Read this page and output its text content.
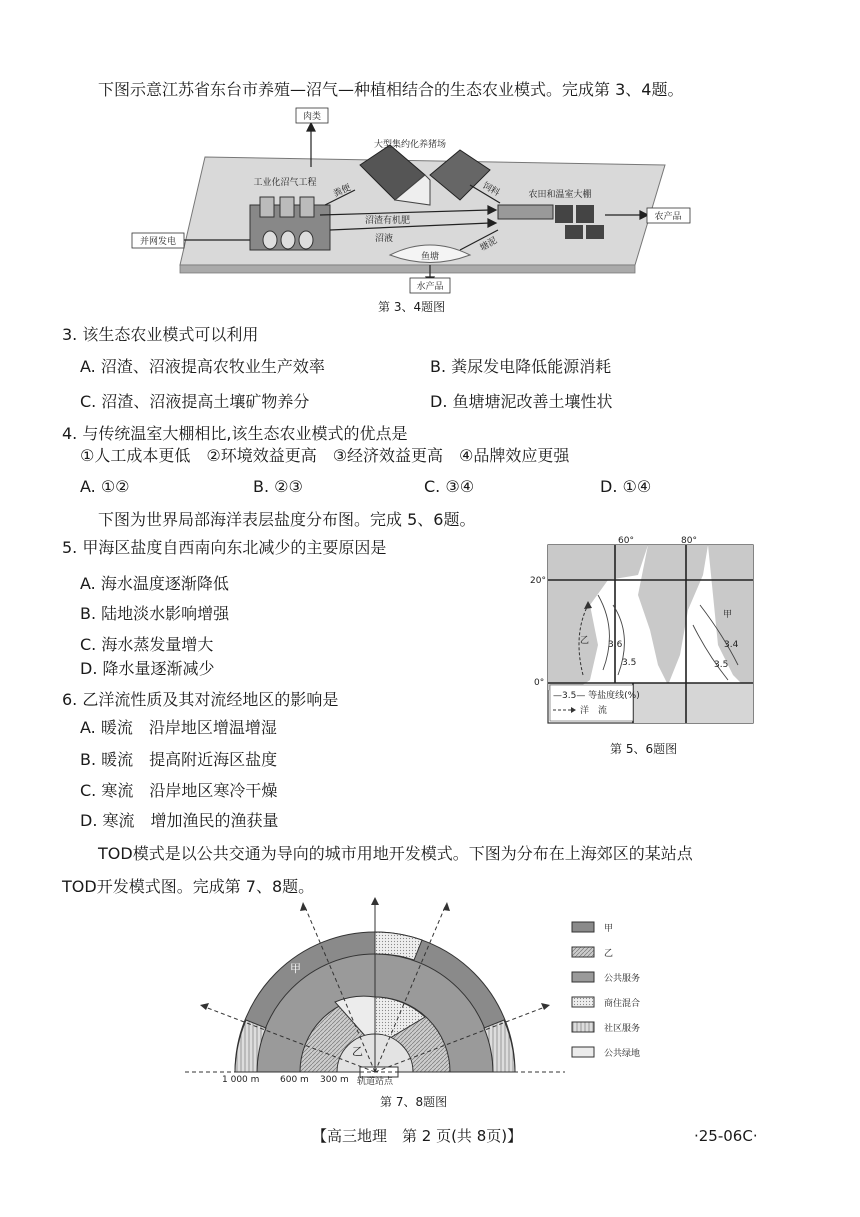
下图示意江苏省东台市养殖—沼气—种植相结合的生态农业模式。完成第 3、4题。
肉类
大型集约化养猪场
工业化沼气工程
农田和温室大棚
并网发电
农产品
粪便	饲料
沼渣有机肥
沼液
鱼塘
塘泥
水产品
第 3、4题图
3. 该生态农业模式可以利用
A. 沼渣、沼液提高农牧业生产效率	B. 粪尿发电降低能源消耗
C. 沼渣、沼液提高土壤矿物养分	D. 鱼塘塘泥改善土壤性状
4. 与传统温室大棚相比,该生态农业模式的优点是
①人工成本更低　②环境效益更高　③经济效益更高　④品牌效应更强
A. ①②	B. ②③	C. ③④	D. ①④
下图为世界局部海洋表层盐度分布图。完成 5、6题。
5. 甲海区盐度自西南向东北减少的主要原因是
A. 海水温度逐渐降低
B. 陆地淡水影响增强
C. 海水蒸发量增大
D. 降水量逐渐减少
60°	80°
20°
0°
甲
乙 3.6
3.5
3.4
3.5
—3.5— 等盐度线(%)
洋　流
第 5、6题图
6. 乙洋流性质及其对流经地区的影响是
A. 暖流　沿岸地区增温增湿
B. 暖流　提高附近海区盐度
C. 寒流　沿岸地区寒冷干燥
D. 寒流　增加渔民的渔获量
TOD模式是以公共交通为导向的城市用地开发模式。下图为分布在上海郊区的某站点
TOD开发模式图。完成第 7、8题。
甲
乙
1 000 m 600 m 300 m 轨道站点
甲
乙
公共服务
商住混合
社区服务
公共绿地
第 7、8题图
【高三地理　第 2 页(共 8页)】	·25-06C·
